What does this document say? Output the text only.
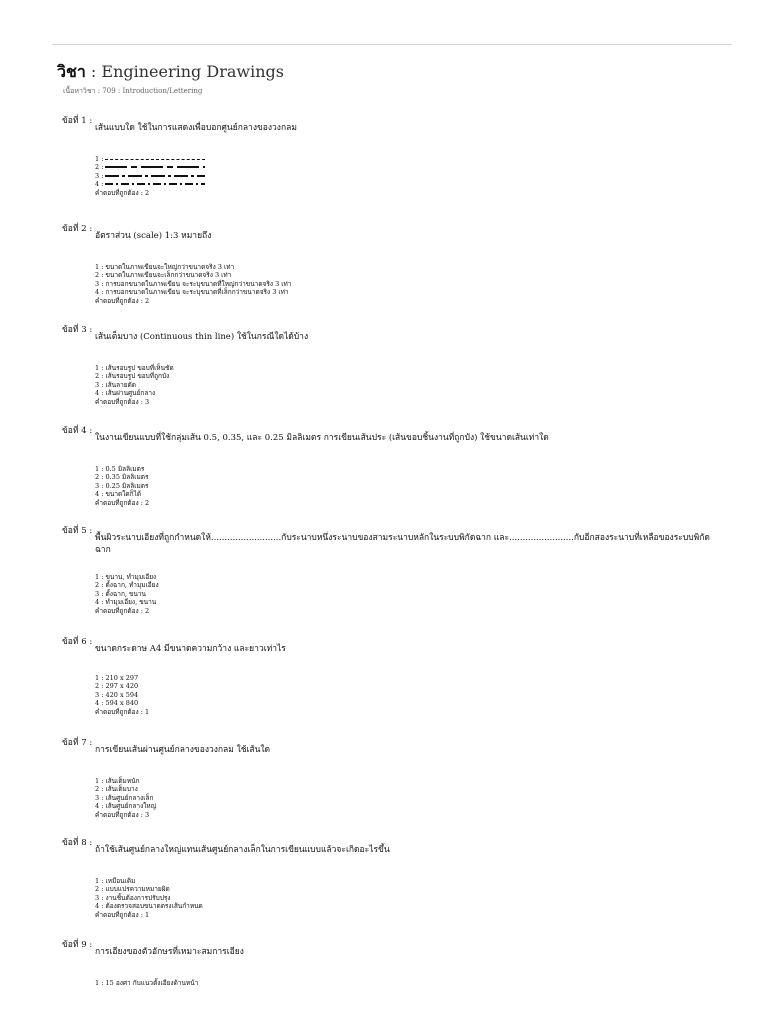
วิชา : Engineering Drawings
เนื้อหาวิชา : 709 : Introduction/Lettering
ข้อที่ 1 :
เส้นแบบใด ใช้ในการแสดงเพื่อบอกศูนย์กลางของวงกลม
1 :
2 :
3 :
4 :
คำตอบที่ถูกต้อง : 2
ข้อที่ 2 :
อัตราส่วน (scale) 1:3 หมายถึง
1 : ขนาดในภาพเขียนจะใหญ่กว่าขนาดจริง 3 เท่า
2 : ขนาดในภาพเขียนจะเล็กกว่าขนาดจริง 3 เท่า
3 : การบอกขนาดในภาพเขียน จะระบุขนาดที่ใหญ่กว่าขนาดจริง 3 เท่า
4 : การบอกขนาดในภาพเขียน จะระบุขนาดที่เล็กกว่าขนาดจริง 3 เท่า
คำตอบที่ถูกต้อง : 2
ข้อที่ 3 :
เส้นเต็มบาง (Continuous thin line) ใช้ในกรณีใดได้บ้าง
1 : เส้นรอบรูป ขอบที่เห็นชัด
2 : เส้นรอบรูป ขอบที่ถูกบัง
3 : เส้นลายตัด
4 : เส้นผ่านศูนย์กลาง
คำตอบที่ถูกต้อง : 3
ข้อที่ 4 :
ในงานเขียนแบบที่ใช้กลุ่มเส้น 0.5, 0.35, และ 0.25 มิลลิเมตร การเขียนเส้นประ (เส้นขอบชิ้นงานที่ถูกบัง) ใช้ขนาดเส้นเท่าใด
1 : 0.5 มิลลิเมตร
2 : 0.35 มิลลิเมตร
3 : 0.25 มิลลิเมตร
4 : ขนาดใดก็ได้
คำตอบที่ถูกต้อง : 2
ข้อที่ 5 :
พื้นผิวระนาบเอียงที่ถูกกำหนดให้..........................กับระนาบหนึ่งระนาบของสามระนาบหลักในระบบพิกัดฉาก และ........................กับอีกสองระนาบที่เหลือของระบบพิกัดฉาก
1 : ขนาน, ทำมุมเอียง
2 : ตั้งฉาก, ทำมุมเอียง
3 : ตั้งฉาก, ขนาน
4 : ทำมุมเอียง, ขนาน
คำตอบที่ถูกต้อง : 2
ข้อที่ 6 :
ขนาดกระดาษ A4 มีขนาดความกว้าง และยาวเท่าไร
1 : 210 x 297
2 : 297 x 420
3 : 420 x 594
4 : 594 x 840
คำตอบที่ถูกต้อง : 1
ข้อที่ 7 :
การเขียนเส้นผ่านศูนย์กลางของวงกลม ใช้เส้นใด
1 : เส้นเต็มหนัก
2 : เส้นเต็มบาง
3 : เส้นศูนย์กลางเล็ก
4 : เส้นศูนย์กลางใหญ่
คำตอบที่ถูกต้อง : 3
ข้อที่ 8 :
ถ้าใช้เส้นศูนย์กลางใหญ่แทนเส้นศูนย์กลางเล็กในการเขียนแบบแล้วจะเกิดอะไรขึ้น
1 : เหมือนเดิม
2 : แบบแปรความหมายผิด
3 : งานชิ้นต้องการปรับปรุง
4 : ต้องตรวจสอบขนาดตรงเส้นกำหนด
คำตอบที่ถูกต้อง : 1
ข้อที่ 9 :
การเอียงของตัวอักษรที่เหมาะสมการเอียง
1 : 15 องศา กับแนวตั้งเอียงด้านหน้า
